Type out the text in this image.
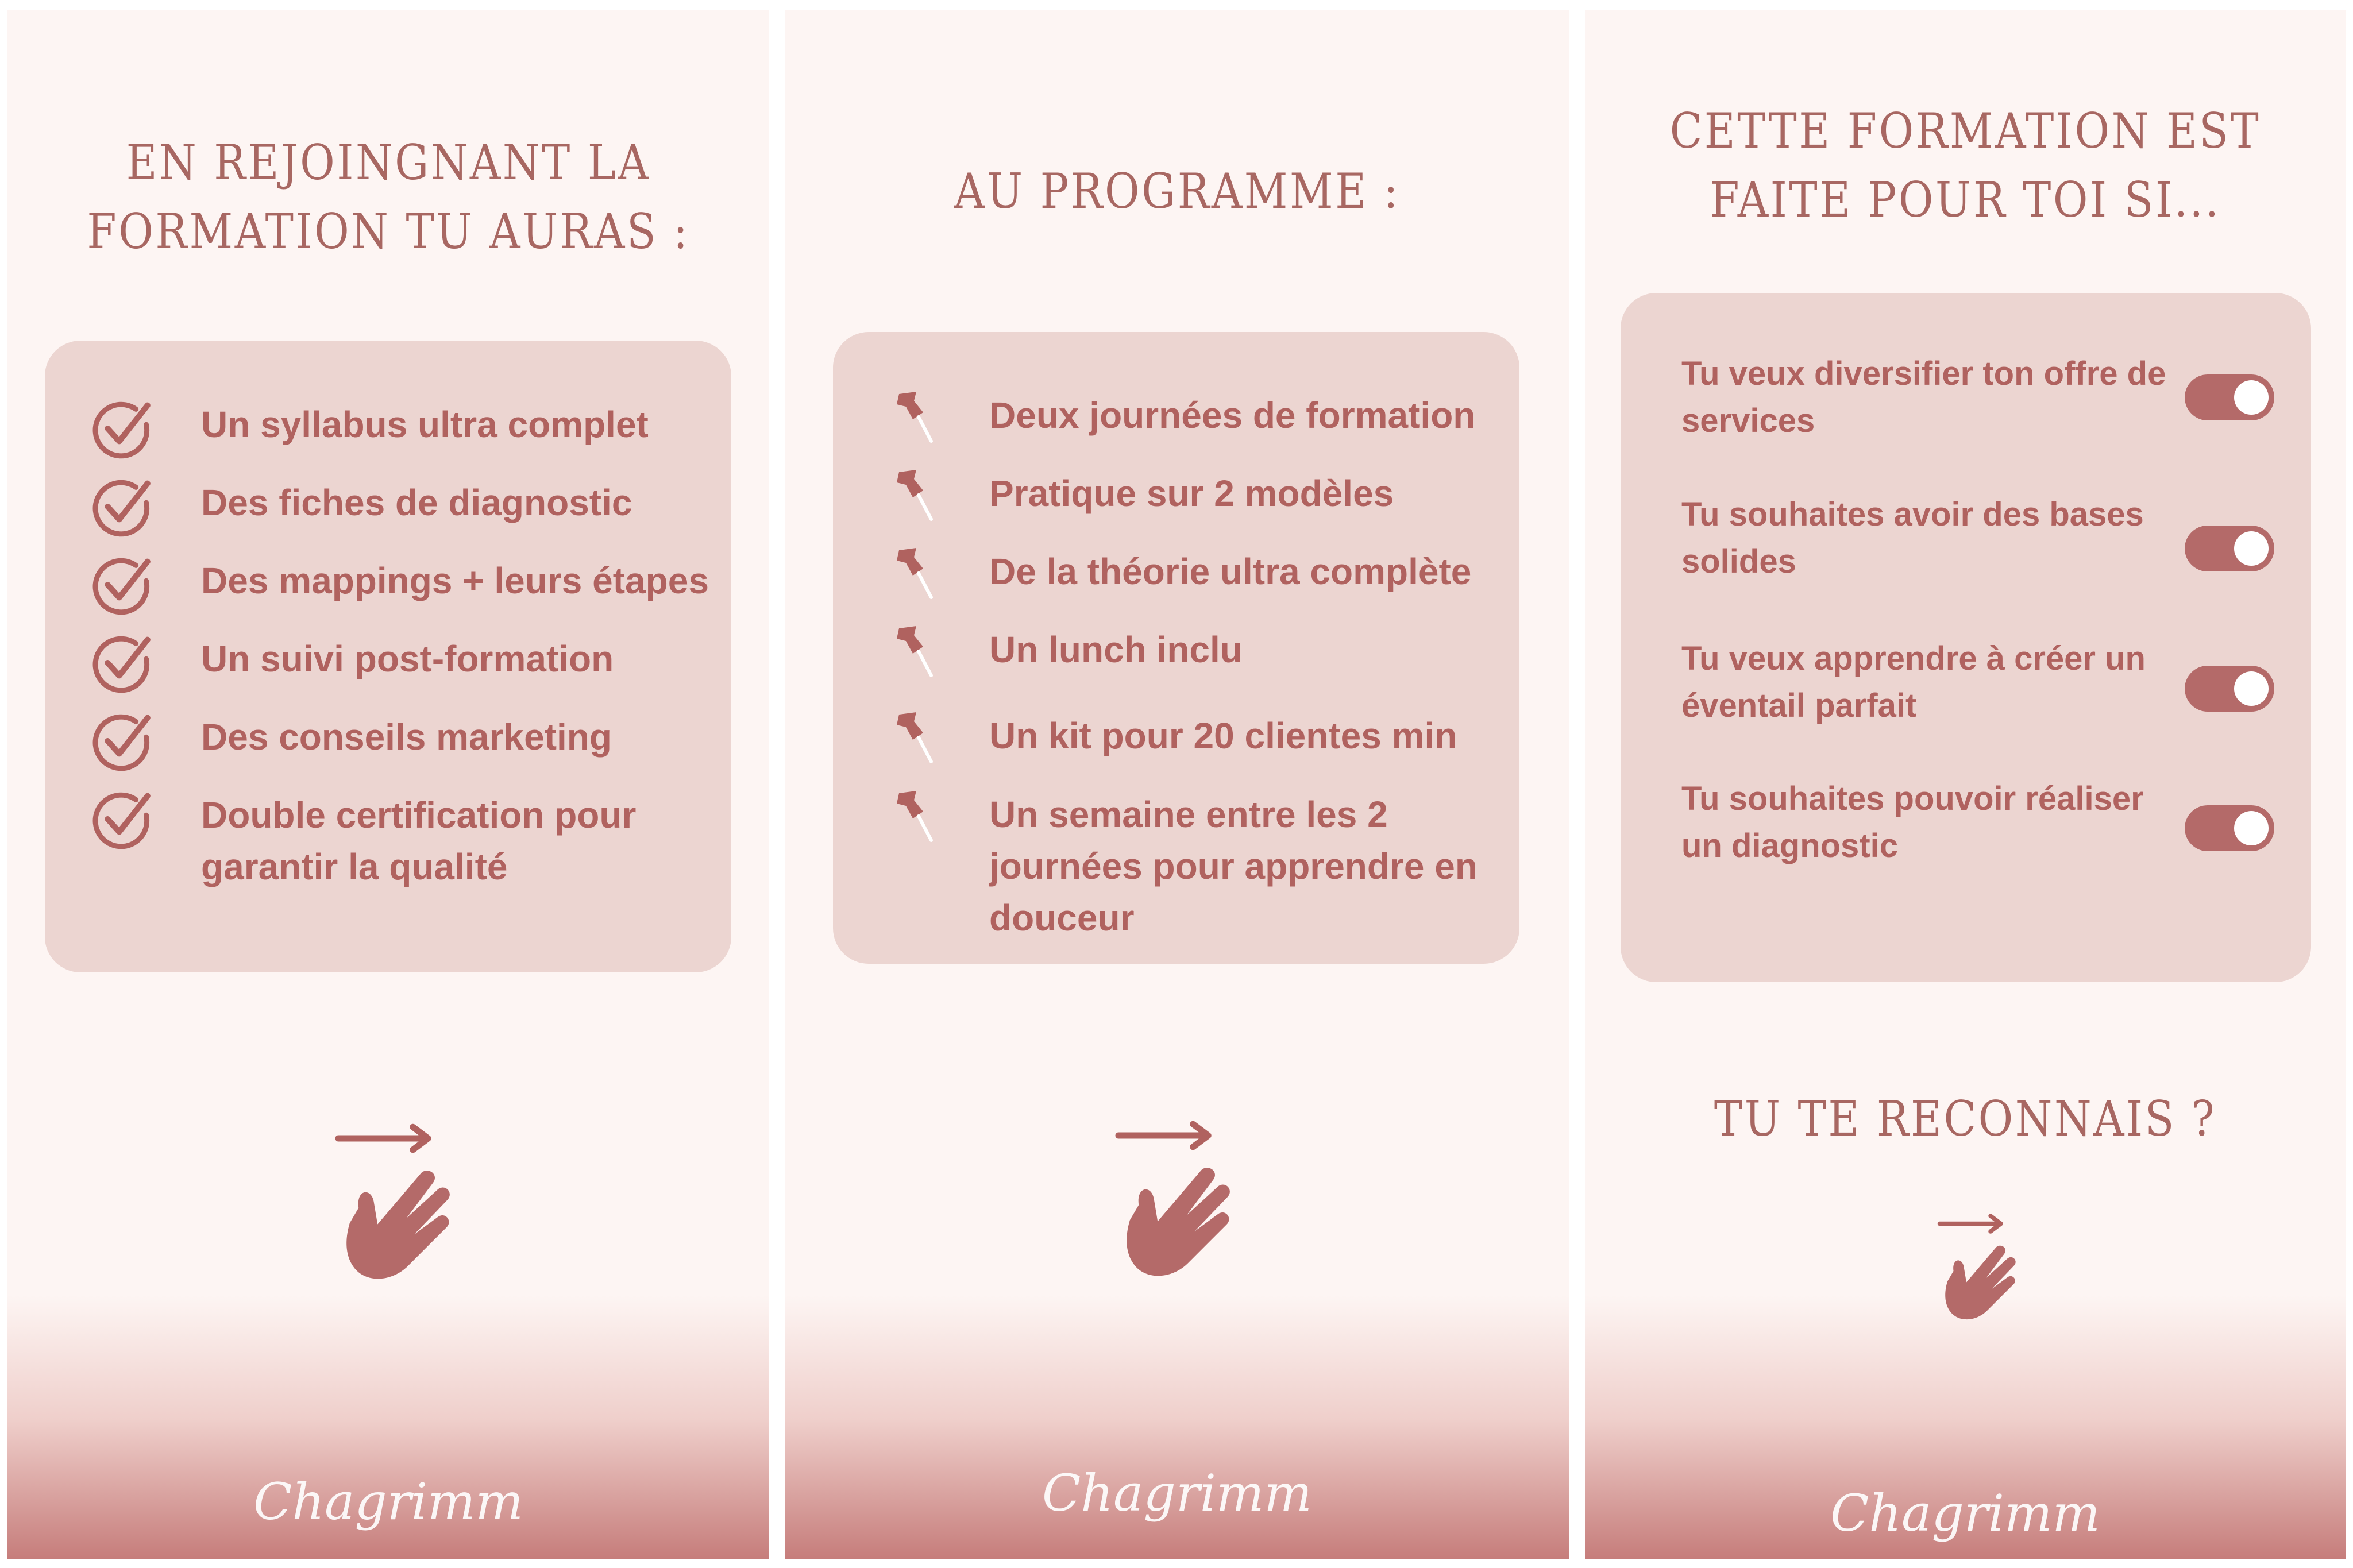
EN REJOINGNANT LA
FORMATION TU AURAS :
Un syllabus ultra complet
Des fiches de diagnostic
Des mappings + leurs étapes
Un suivi post-formation
Des conseils marketing
Double certification pour
garantir la qualité
Chagrimm
AU PROGRAMME :
Deux journées de formation
Pratique sur 2 modèles
De la théorie ultra complète
Un lunch inclu
Un kit pour 20 clientes min
Un semaine entre les 2
journées pour apprendre en
douceur
Chagrimm
CETTE FORMATION EST
FAITE POUR TOI SI...
Tu veux diversifier ton offre de
services
Tu souhaites avoir des bases
solides
Tu veux apprendre à créer un
éventail parfait
Tu souhaites pouvoir réaliser
un diagnostic
TU TE RECONNAIS ?
Chagrimm
